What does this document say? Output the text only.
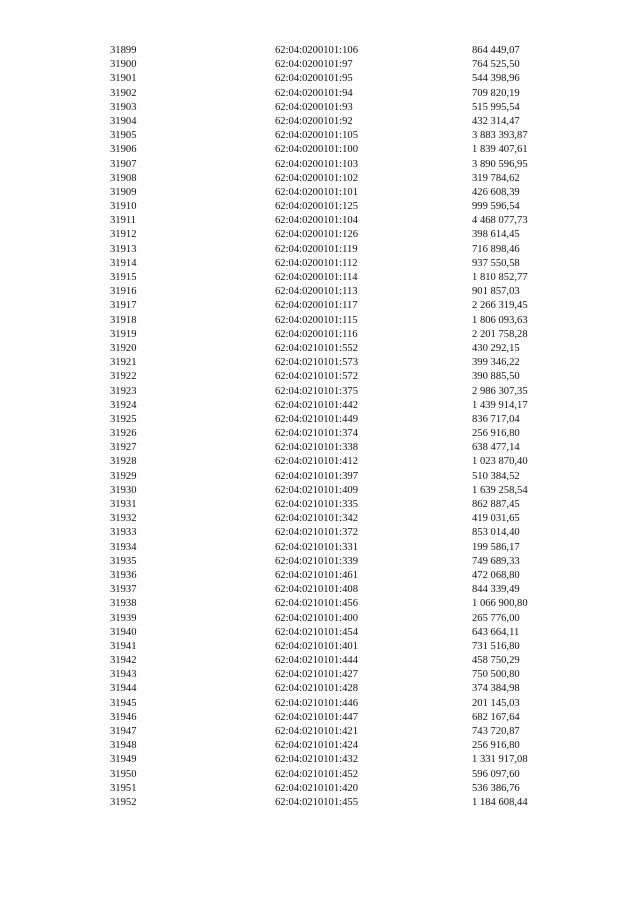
31899	62:04:0200101:106	864 449,07
31900	62:04:0200101:97	764 525,50
31901	62:04:0200101:95	544 398,96
31902	62:04:0200101:94	709 820,19
31903	62:04:0200101:93	515 995,54
31904	62:04:0200101:92	432 314,47
31905	62:04:0200101:105	3 883 393,87
31906	62:04:0200101:100	1 839 407,61
31907	62:04:0200101:103	3 890 596,95
31908	62:04:0200101:102	319 784,62
31909	62:04:0200101:101	426 608,39
31910	62:04:0200101:125	999 596,54
31911	62:04:0200101:104	4 468 077,73
31912	62:04:0200101:126	398 614,45
31913	62:04:0200101:119	716 898,46
31914	62:04:0200101:112	937 550,58
31915	62:04:0200101:114	1 810 852,77
31916	62:04:0200101:113	901 857,03
31917	62:04:0200101:117	2 266 319,45
31918	62:04:0200101:115	1 806 093,63
31919	62:04:0200101:116	2 201 758,28
31920	62:04:0210101:552	430 292,15
31921	62:04:0210101:573	399 346,22
31922	62:04:0210101:572	390 885,50
31923	62:04:0210101:375	2 986 307,35
31924	62:04:0210101:442	1 439 914,17
31925	62:04:0210101:449	836 717,04
31926	62:04:0210101:374	256 916,80
31927	62:04:0210101:338	638 477,14
31928	62:04:0210101:412	1 023 870,40
31929	62:04:0210101:397	510 384,52
31930	62:04:0210101:409	1 639 258,54
31931	62:04:0210101:335	862 887,45
31932	62:04:0210101:342	419 031,65
31933	62:04:0210101:372	853 014,40
31934	62:04:0210101:331	199 586,17
31935	62:04:0210101:339	749 689,33
31936	62:04:0210101:461	472 068,80
31937	62:04:0210101:408	844 339,49
31938	62:04:0210101:456	1 066 900,80
31939	62:04:0210101:400	265 776,00
31940	62:04:0210101:454	643 664,11
31941	62:04:0210101:401	731 516,80
31942	62:04:0210101:444	458 750,29
31943	62:04:0210101:427	750 500,80
31944	62:04:0210101:428	374 384,98
31945	62:04:0210101:446	201 145,03
31946	62:04:0210101:447	682 167,64
31947	62:04:0210101:421	743 720,87
31948	62:04:0210101:424	256 916,80
31949	62:04:0210101:432	1 331 917,08
31950	62:04:0210101:452	596 097,60
31951	62:04:0210101:420	536 386,76
31952	62:04:0210101:455	1 184 608,44
